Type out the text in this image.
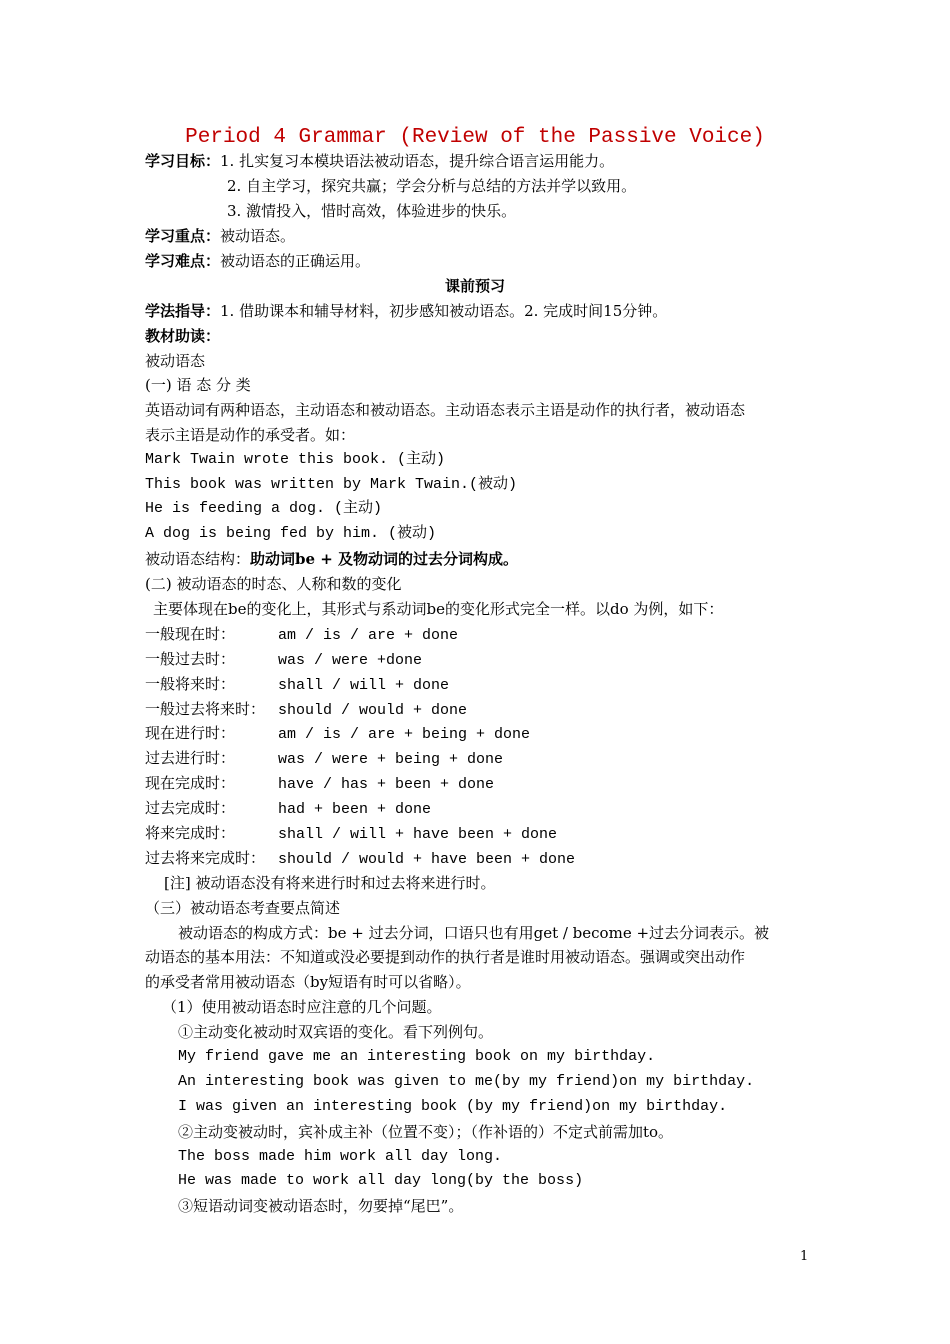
Period 4 Grammar (Review of the Passive Voice)
学习目标：1. 扎实复习本模块语法被动语态，提升综合语言运用能力。
2. 自主学习，探究共赢；学会分析与总结的方法并学以致用。
3. 激情投入，惜时高效，体验进步的快乐。
学习重点：被动语态。
学习难点：被动语态的正确运用。
课前预习
学法指导：1. 借助课本和辅导材料，初步感知被动语态。2. 完成时间15分钟。
教材助读：
被动语态
(一) 语 态 分 类
英语动词有两种语态，主动语态和被动语态。主动语态表示主语是动作的执行者，被动语态
表示主语是动作的承受者。如：
Mark Twain wrote this book. (主动)
This book was written by Mark Twain.(被动)
He is feeding a dog. (主动)
A dog is being fed by him. (被动)
被动语态结构：助动词be + 及物动词的过去分词构成。
(二) 被动语态的时态、人称和数的变化
主要体现在be的变化上，其形式与系动词be的变化形式完全一样。以do 为例，如下：
一般现在时：	am / is / are + done
一般过去时：	was / were +done
一般将来时：	shall / will + done
一般过去将来时： should / would + done
现在进行时：	am / is / are + being + done
过去进行时：	was / were + being + done
现在完成时：	have / has + been + done
过去完成时：	had + been + done
将来完成时：	shall / will + have been + done
过去将来完成时： should / would + have been + done
[注] 被动语态没有将来进行时和过去将来进行时。
（三）被动语态考查要点简述
被动语态的构成方式：be + 过去分词，口语只也有用get / become +过去分词表示。被
动语态的基本用法：不知道或没必要提到动作的执行者是谁时用被动语态。强调或突出动作
的承受者常用被动语态（by短语有时可以省略）。
（1）使用被动语态时应注意的几个问题。
①主动变化被动时双宾语的变化。看下列例句。
My friend gave me an interesting book on my birthday.
An interesting book was given to me(by my friend)on my birthday.
I was given an interesting book (by my friend)on my birthday.
②主动变被动时，宾补成主补（位置不变）；（作补语的）不定式前需加to。
The boss made him work all day long.
He was made to work all day long(by the boss)
③短语动词变被动语态时，勿要掉“尾巴”。
1
